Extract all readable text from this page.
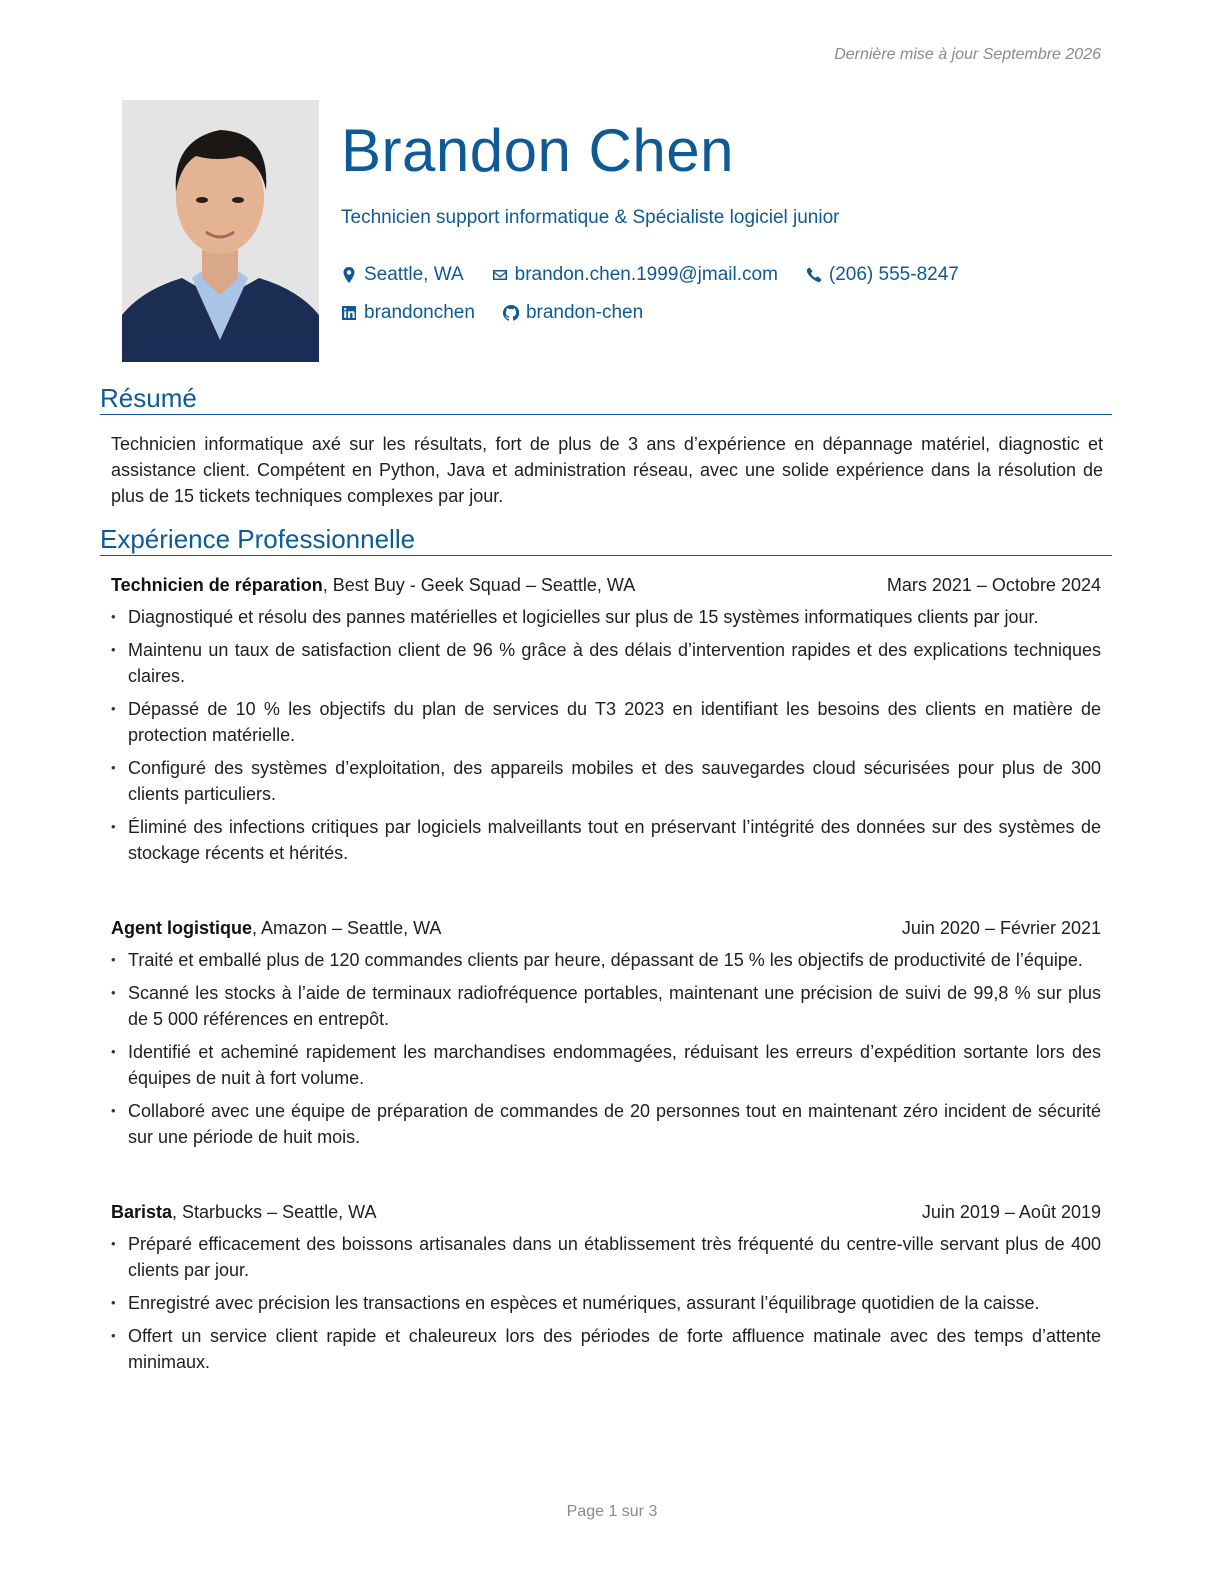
Dernière mise à jour Septembre 2026
Brandon Chen
Technicien support informatique & Spécialiste logiciel junior
Seattle, WA	brandon.chen.1999@jmail.com	(206) 555-8247
brandonchen	brandon-chen
Résumé
Technicien informatique axé sur les résultats, fort de plus de 3 ans d’expérience en dépannage matériel, diagnostic et assistance client. Compétent en Python, Java et administration réseau, avec une solide expérience dans la résolution de plus de 15 tickets techniques complexes par jour.
Expérience Professionnelle
Technicien de réparation, Best Buy - Geek Squad – Seattle, WA	Mars 2021 – Octobre 2024
• Diagnostiqué et résolu des pannes matérielles et logicielles sur plus de 15 systèmes informatiques clients par jour.
• Maintenu un taux de satisfaction client de 96 % grâce à des délais d’intervention rapides et des explications techniques claires.
• Dépassé de 10 % les objectifs du plan de services du T3 2023 en identifiant les besoins des clients en matière de protection matérielle.
• Configuré des systèmes d’exploitation, des appareils mobiles et des sauvegardes cloud sécurisées pour plus de 300 clients particuliers.
• Éliminé des infections critiques par logiciels malveillants tout en préservant l’intégrité des données sur des systèmes de stockage récents et hérités.
Agent logistique, Amazon – Seattle, WA	Juin 2020 – Février 2021
• Traité et emballé plus de 120 commandes clients par heure, dépassant de 15 % les objectifs de productivité de l’équipe.
• Scanné les stocks à l’aide de terminaux radiofréquence portables, maintenant une précision de suivi de 99,8 % sur plus de 5 000 références en entrepôt.
• Identifié et acheminé rapidement les marchandises endommagées, réduisant les erreurs d’expédition sortante lors des équipes de nuit à fort volume.
• Collaboré avec une équipe de préparation de commandes de 20 personnes tout en maintenant zéro incident de sécurité sur une période de huit mois.
Barista, Starbucks – Seattle, WA	Juin 2019 – Août 2019
• Préparé efficacement des boissons artisanales dans un établissement très fréquenté du centre-ville servant plus de 400 clients par jour.
• Enregistré avec précision les transactions en espèces et numériques, assurant l’équilibrage quotidien de la caisse.
• Offert un service client rapide et chaleureux lors des périodes de forte affluence matinale avec des temps d’attente minimaux.
Page 1 sur 3
